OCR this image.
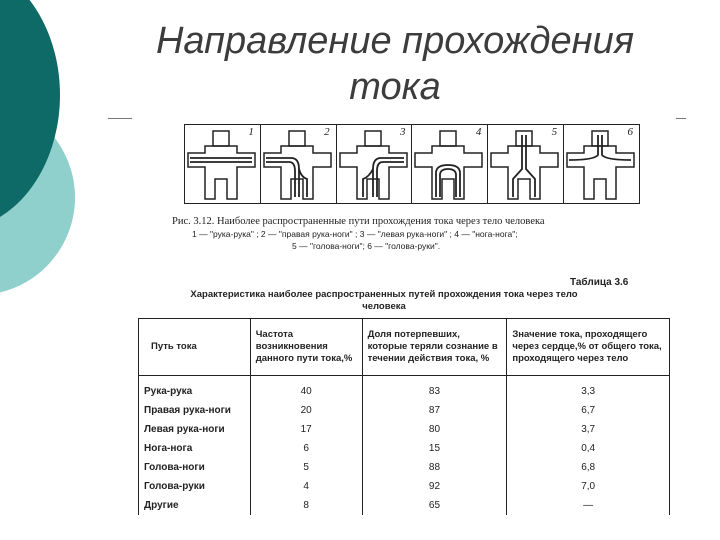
Направление прохождения тока
1	2	3	4	5	6
Рис. 3.12. Наиболее распространенные пути прохождения тока через тело человека
1 — "рука-рука" ; 2 — "правая рука-ноги" ; 3 — "левая рука-ноги" ; 4 — "нога-нога";
5 — "голова-ноги"; 6 — "голова-руки".
Таблица 3.6
Характеристика наиболее распространенных путей прохождения тока через тело человека
Путь тока	Частота возникновения данного пути тока,%	Доля потерпевших, которые теряли сознание в течении действия тока, %	Значение тока, проходящего через сердце,% от общего тока, проходящего через тело
Рука-рука	40	83	3,3
Правая рука-ноги	20	87	6,7
Левая рука-ноги	17	80	3,7
Нога-нога	6	15	0,4
Голова-ноги	5	88	6,8
Голова-руки	4	92	7,0
Другие	8	65	—
